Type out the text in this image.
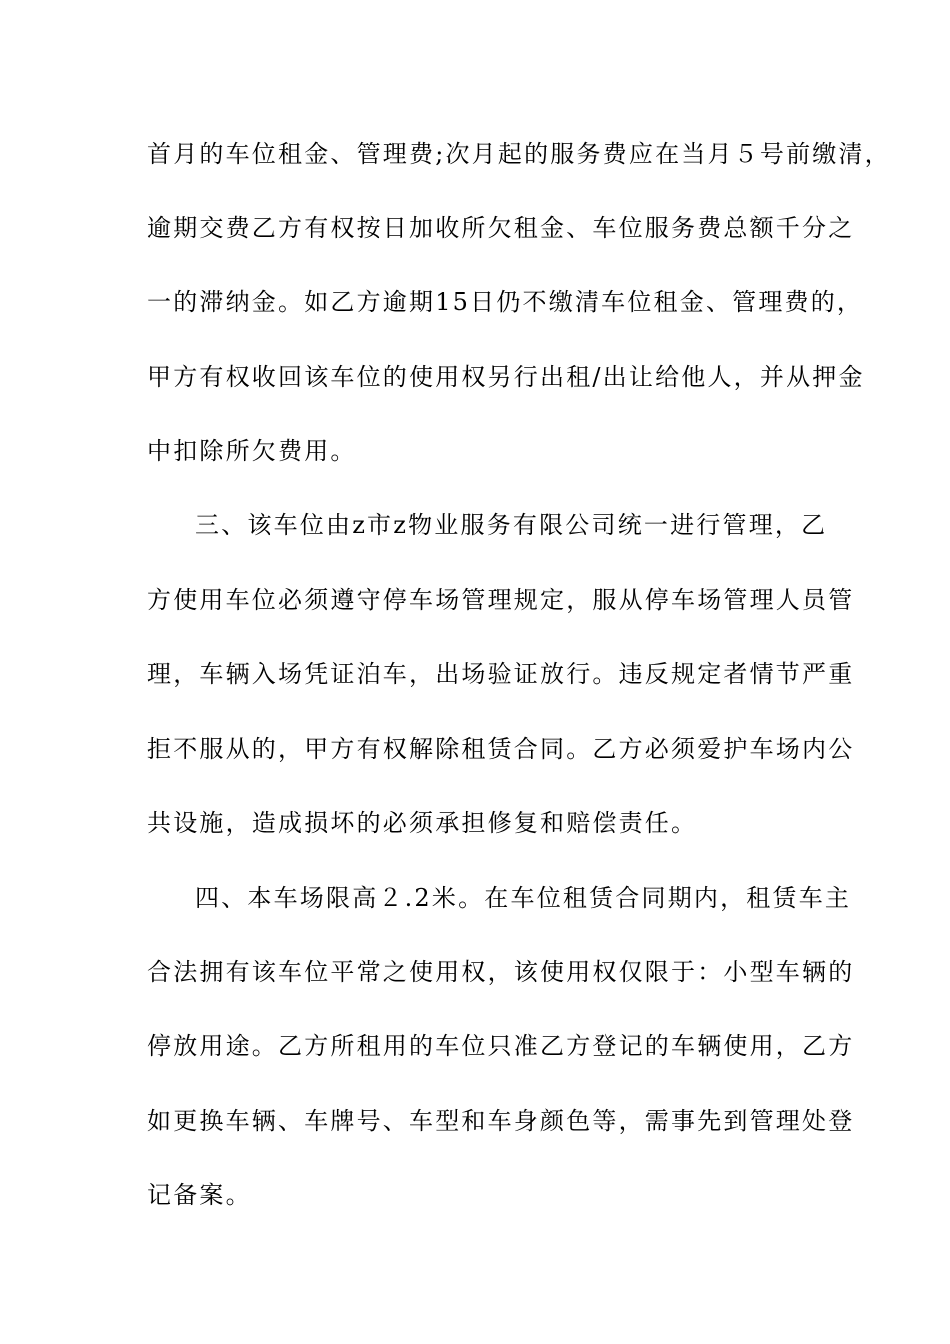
首月的车位租金、管理费;次月起的服务费应在当月５号前缴清，
逾期交费乙方有权按日加收所欠租金、车位服务费总额千分之
一的滞纳金。如乙方逾期15日仍不缴清车位租金、管理费的，
甲方有权收回该车位的使用权另行出租/出让给他人，并从押金
中扣除所欠费用。
三、该车位由z市z物业服务有限公司统一进行管理，乙
方使用车位必须遵守停车场管理规定，服从停车场管理人员管
理，车辆入场凭证泊车，出场验证放行。违反规定者情节严重
拒不服从的，甲方有权解除租赁合同。乙方必须爱护车场内公
共设施，造成损坏的必须承担修复和赔偿责任。
四、本车场限高２.2米。在车位租赁合同期内，租赁车主
合法拥有该车位平常之使用权，该使用权仅限于：小型车辆的
停放用途。乙方所租用的车位只准乙方登记的车辆使用，乙方
如更换车辆、车牌号、车型和车身颜色等，需事先到管理处登
记备案。
